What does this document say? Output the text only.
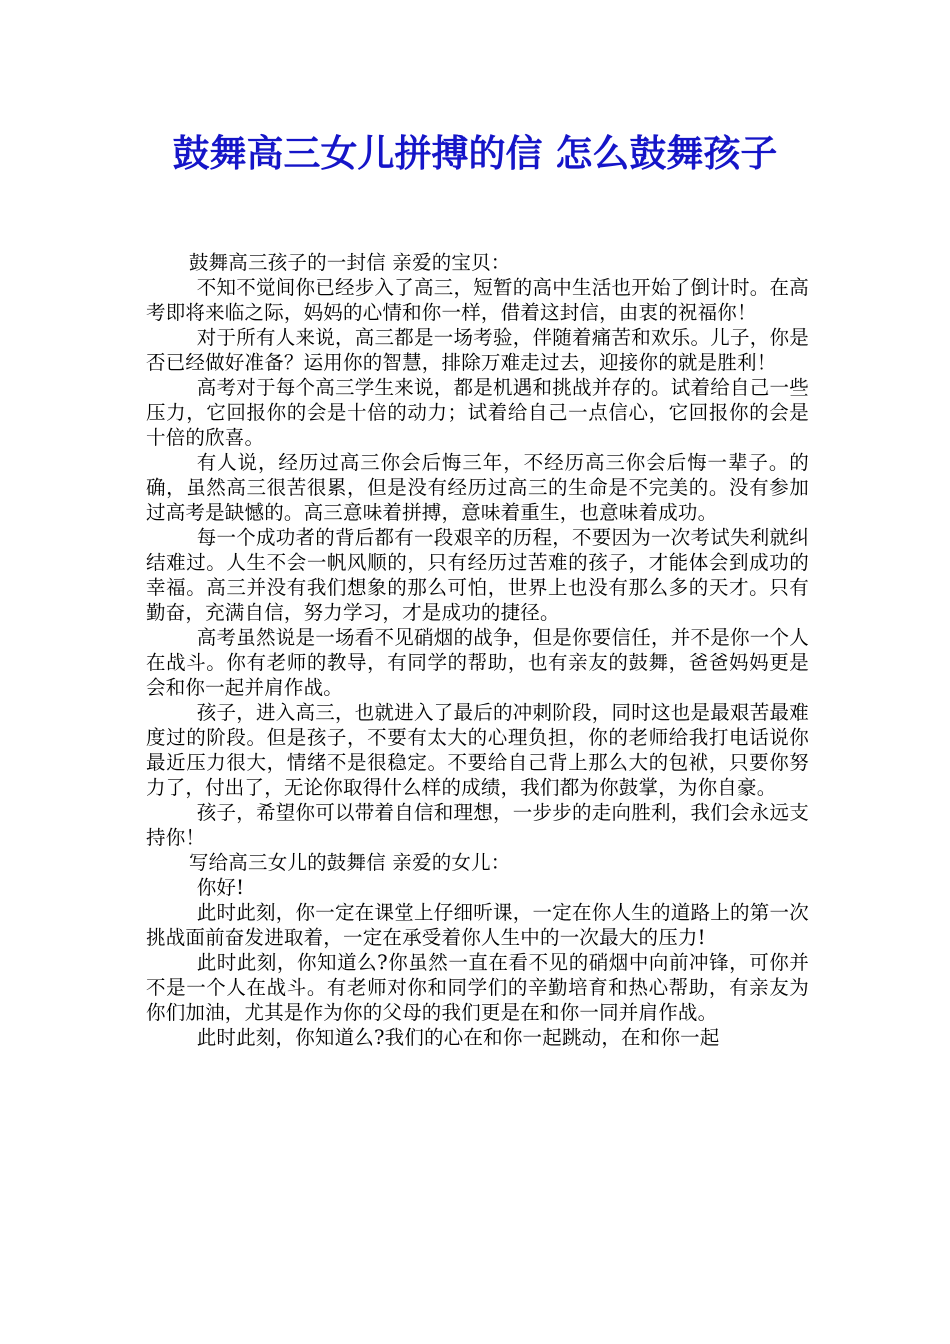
鼓舞高三女儿拼搏的信 怎么鼓舞孩子

鼓舞高三孩子的一封信 亲爱的宝贝：

不知不觉间你已经步入了高三，短暂的高中生活也开始了倒计时。在高考即将来临之际，妈妈的心情和你一样，借着这封信，由衷的祝福你！

对于所有人来说，高三都是一场考验，伴随着痛苦和欢乐。儿子，你是否已经做好准备？运用你的智慧，排除万难走过去，迎接你的就是胜利！

高考对于每个高三学生来说，都是机遇和挑战并存的。试着给自己一些压力，它回报你的会是十倍的动力；试着给自己一点信心，它回报你的会是十倍的欣喜。

有人说，经历过高三你会后悔三年，不经历高三你会后悔一辈子。的确，虽然高三很苦很累，但是没有经历过高三的生命是不完美的。没有参加过高考是缺憾的。高三意味着拼搏，意味着重生，也意味着成功。

每一个成功者的背后都有一段艰辛的历程，不要因为一次考试失利就纠结难过。人生不会一帆风顺的，只有经历过苦难的孩子，才能体会到成功的幸福。高三并没有我们想象的那么可怕，世界上也没有那么多的天才。只有勤奋，充满自信，努力学习，才是成功的捷径。

高考虽然说是一场看不见硝烟的战争，但是你要信任，并不是你一个人在战斗。你有老师的教导，有同学的帮助，也有亲友的鼓舞，爸爸妈妈更是会和你一起并肩作战。

孩子，进入高三，也就进入了最后的冲刺阶段，同时这也是最艰苦最难度过的阶段。但是孩子，不要有太大的心理负担，你的老师给我打电话说你最近压力很大，情绪不是很稳定。不要给自己背上那么大的包袱，只要你努力了，付出了，无论你取得什么样的成绩，我们都为你鼓掌，为你自豪。

孩子，希望你可以带着自信和理想，一步步的走向胜利，我们会永远支持你！

写给高三女儿的鼓舞信 亲爱的女儿：

你好!

此时此刻，你一定在课堂上仔细听课，一定在你人生的道路上的第一次挑战面前奋发进取着，一定在承受着你人生中的一次最大的压力!

此时此刻，你知道么?你虽然一直在看不见的硝烟中向前冲锋，可你并不是一个人在战斗。有老师对你和同学们的辛勤培育和热心帮助，有亲友为你们加油，尤其是作为你的父母的我们更是在和你一同并肩作战。

此时此刻，你知道么?我们的心在和你一起跳动，在和你一起
